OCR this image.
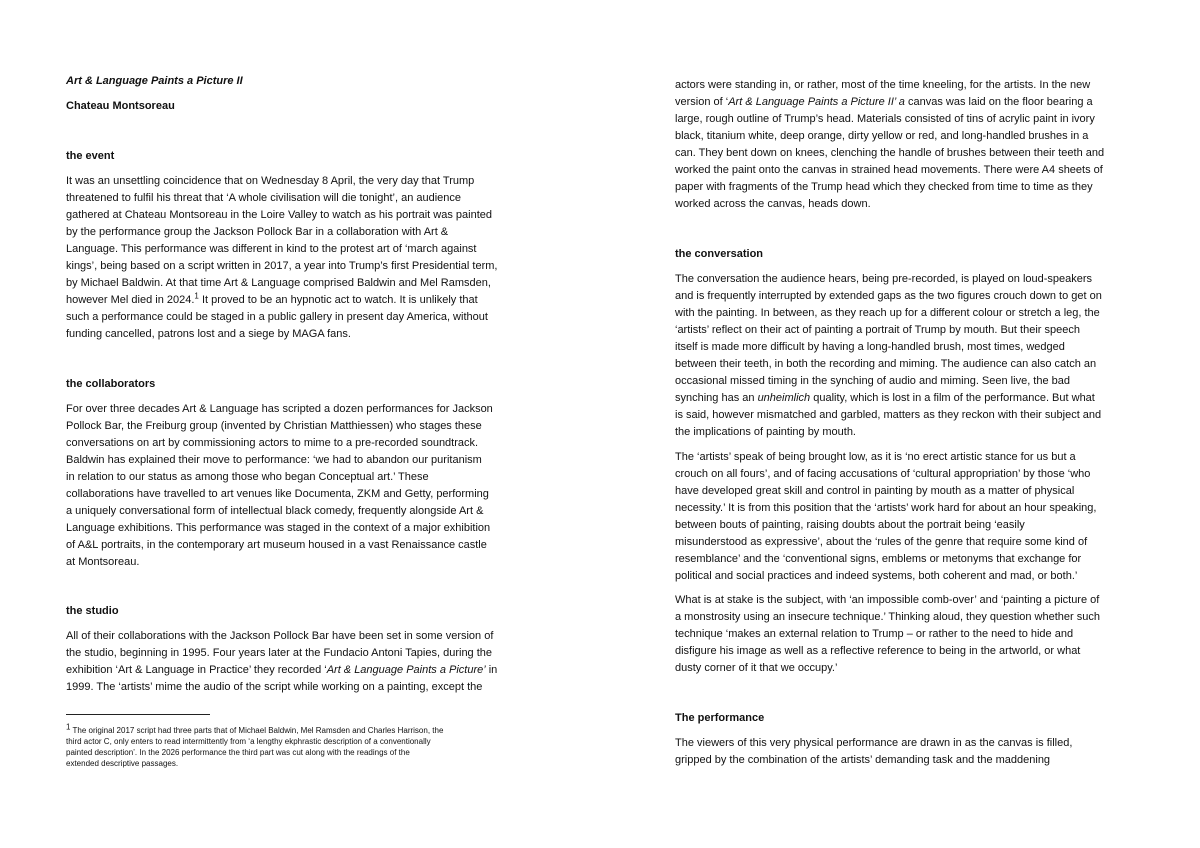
Art & Language Paints a Picture II
Chateau Montsoreau
the event
It was an unsettling coincidence that on Wednesday 8 April, the very day that Trump
threatened to fulfil his threat that ‘A whole civilisation will die tonight’, an audience
gathered at Chateau Montsoreau in the Loire Valley to watch as his portrait was painted
by the performance group the Jackson Pollock Bar in a collaboration with Art &
Language. This performance was different in kind to the protest art of ‘march against
kings’, being based on a script written in 2017, a year into Trump’s first Presidential term,
by Michael Baldwin. At that time Art & Language comprised Baldwin and Mel Ramsden,
however Mel died in 2024.$^1$ It proved to be an hypnotic act to watch. It is unlikely that
such a performance could be staged in a public gallery in present day America, without
funding cancelled, patrons lost and a siege by MAGA fans.
the collaborators
For over three decades Art & Language has scripted a dozen performances for Jackson
Pollock Bar, the Freiburg group (invented by Christian Matthiessen) who stages these
conversations on art by commissioning actors to mime to a pre-recorded soundtrack.
Baldwin has explained their move to performance: ‘we had to abandon our puritanism
in relation to our status as among those who began Conceptual art.’ These
collaborations have travelled to art venues like Documenta, ZKM and Getty, performing
a uniquely conversational form of intellectual black comedy, frequently alongside Art &
Language exhibitions. This performance was staged in the context of a major exhibition
of A&L portraits, in the contemporary art museum housed in a vast Renaissance castle
at Montsoreau.
the studio
All of their collaborations with the Jackson Pollock Bar have been set in some version of
the studio, beginning in 1995. Four years later at the Fundacio Antoni Tapies, during the
exhibition ‘Art & Language in Practice’ they recorded ‘Art & Language Paints a Picture’ in
1999. The ‘artists’ mime the audio of the script while working on a painting, except the
$^1$ The original 2017 script had three parts that of Michael Baldwin, Mel Ramsden and Charles Harrison, the
third actor C, only enters to read intermittently from ‘a lengthy ekphrastic description of a conventionally
painted description’. In the 2026 performance the third part was cut along with the readings of the
extended descriptive passages.
actors were standing in, or rather, most of the time kneeling, for the artists. In the new
version of ‘Art & Language Paints a Picture II’ a canvas was laid on the floor bearing a
large, rough outline of Trump’s head. Materials consisted of tins of acrylic paint in ivory
black, titanium white, deep orange, dirty yellow or red, and long-handled brushes in a
can. They bent down on knees, clenching the handle of brushes between their teeth and
worked the paint onto the canvas in strained head movements. There were A4 sheets of
paper with fragments of the Trump head which they checked from time to time as they
worked across the canvas, heads down.
the conversation
The conversation the audience hears, being pre-recorded, is played on loud-speakers
and is frequently interrupted by extended gaps as the two figures crouch down to get on
with the painting. In between, as they reach up for a different colour or stretch a leg, the
‘artists’ reflect on their act of painting a portrait of Trump by mouth. But their speech
itself is made more difficult by having a long-handled brush, most times, wedged
between their teeth, in both the recording and miming. The audience can also catch an
occasional missed timing in the synching of audio and miming. Seen live, the bad
synching has an unheimlich quality, which is lost in a film of the performance. But what
is said, however mismatched and garbled, matters as they reckon with their subject and
the implications of painting by mouth.
The ‘artists’ speak of being brought low, as it is ‘no erect artistic stance for us but a
crouch on all fours’, and of facing accusations of ‘cultural appropriation’ by those ‘who
have developed great skill and control in painting by mouth as a matter of physical
necessity.’ It is from this position that the ‘artists’ work hard for about an hour speaking,
between bouts of painting, raising doubts about the portrait being ‘easily
misunderstood as expressive’, about the ‘rules of the genre that require some kind of
resemblance’ and the ‘conventional signs, emblems or metonyms that exchange for
political and social practices and indeed systems, both coherent and mad, or both.’
What is at stake is the subject, with ‘an impossible comb-over’ and ‘painting a picture of
a monstrosity using an insecure technique.’ Thinking aloud, they question whether such
technique ‘makes an external relation to Trump – or rather to the need to hide and
disfigure his image as well as a reflective reference to being in the artworld, or what
dusty corner of it that we occupy.’
The performance
The viewers of this very physical performance are drawn in as the canvas is filled,
gripped by the combination of the artists’ demanding task and the maddening
